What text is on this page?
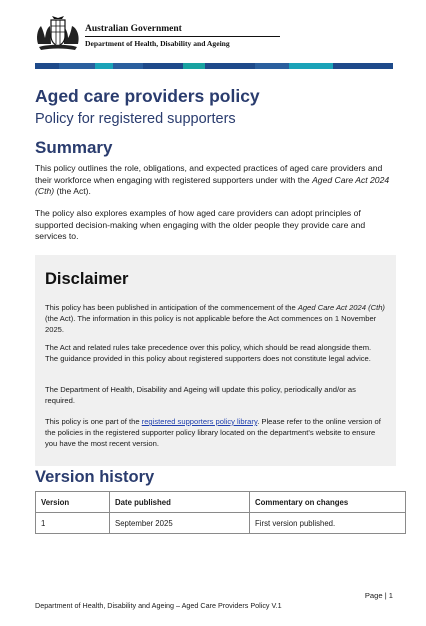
Australian Government
Department of Health, Disability and Ageing
Aged care providers policy
Policy for registered supporters
Summary
This policy outlines the role, obligations, and expected practices of aged care providers and their workforce when engaging with registered supporters under with the Aged Care Act 2024 (Cth) (the Act).
The policy also explores examples of how aged care providers can adopt principles of supported decision-making when engaging with the older people they provide care and services to.
Disclaimer
This policy has been published in anticipation of the commencement of the Aged Care Act 2024 (Cth) (the Act). The information in this policy is not applicable before the Act commences on 1 November 2025.
The Act and related rules take precedence over this policy, which should be read alongside them. The guidance provided in this policy about registered supporters does not constitute legal advice.
The Department of Health, Disability and Ageing will update this policy, periodically and/or as required.
This policy is one part of the registered supporters policy library. Please refer to the online version of the policies in the registered supporter policy library located on the department's website to ensure you have the most recent version.
Version history
Version	Date published	Commentary on changes
1	September 2025	First version published.
Page | 1
Department of Health, Disability and Ageing – Aged Care Providers Policy V.1
